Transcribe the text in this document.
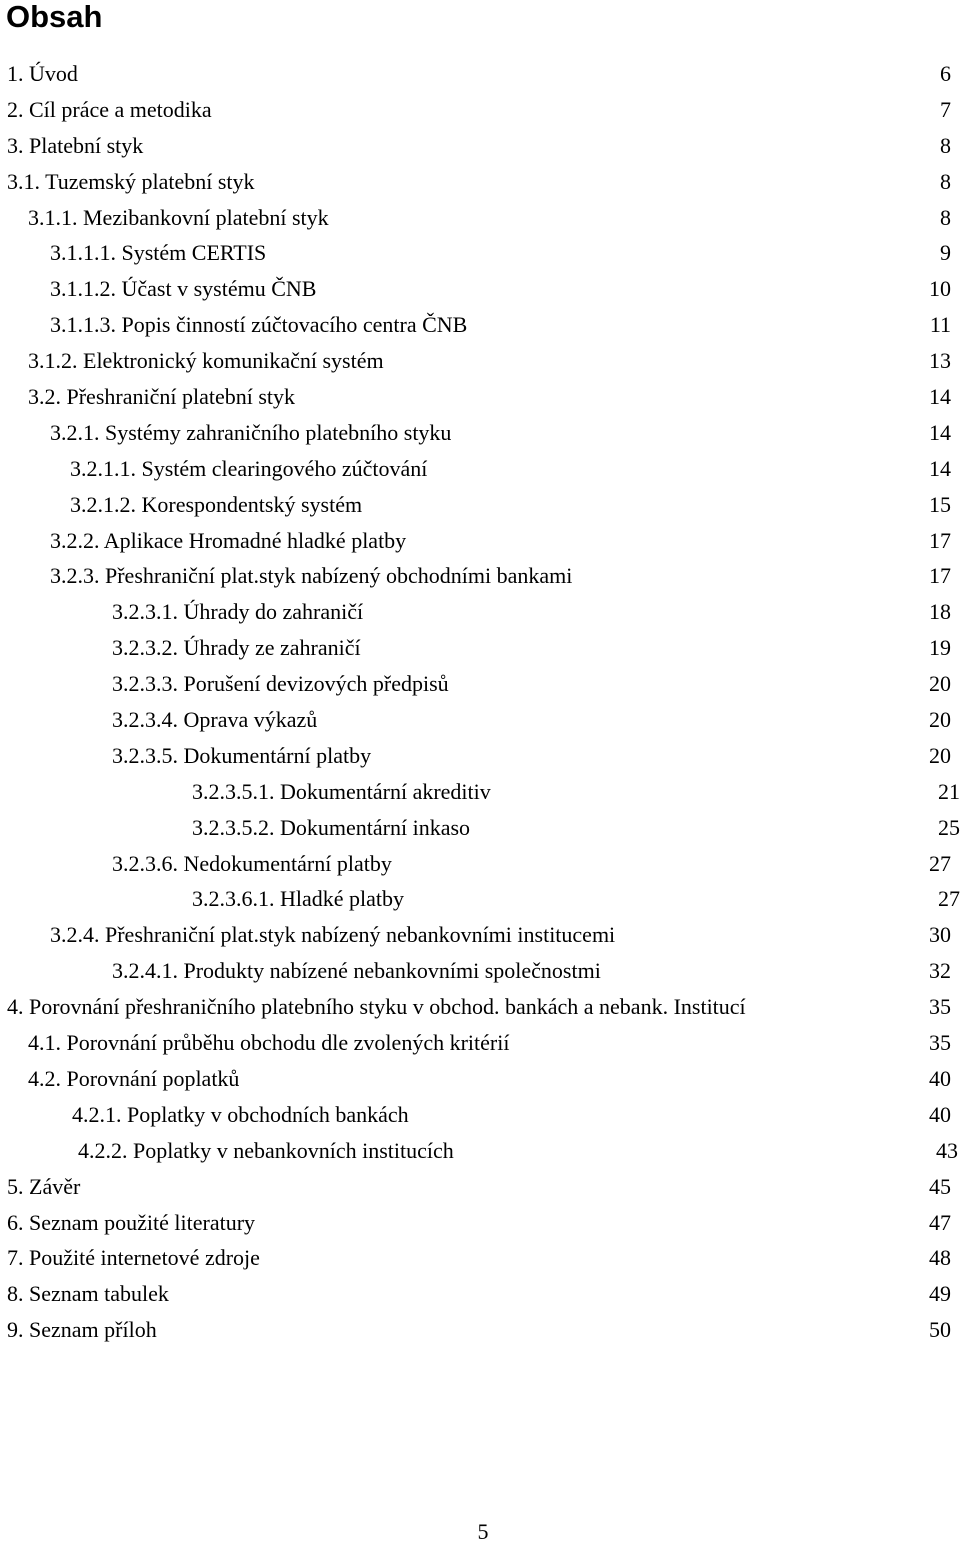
Obsah
1. Úvod	6
2. Cíl práce a metodika	7
3. Platební styk	8
3.1. Tuzemský platební styk	8
3.1.1. Mezibankovní platební styk	8
3.1.1.1. Systém CERTIS	9
3.1.1.2. Účast v systému ČNB	10
3.1.1.3. Popis činností zúčtovacího centra ČNB	11
3.1.2. Elektronický komunikační systém	13
3.2. Přeshraniční platební styk	14
3.2.1. Systémy zahraničního platebního styku	14
3.2.1.1. Systém clearingového zúčtování	14
3.2.1.2. Korespondentský systém	15
3.2.2. Aplikace Hromadné hladké platby	17
3.2.3. Přeshraniční plat.styk nabízený obchodními bankami	17
3.2.3.1. Úhrady do zahraničí	18
3.2.3.2. Úhrady ze zahraničí	19
3.2.3.3. Porušení devizových předpisů	20
3.2.3.4. Oprava výkazů	20
3.2.3.5. Dokumentární platby	20
3.2.3.5.1. Dokumentární akreditiv	21
3.2.3.5.2. Dokumentární inkaso	25
3.2.3.6. Nedokumentární platby	27
3.2.3.6.1. Hladké platby	27
3.2.4. Přeshraniční plat.styk nabízený nebankovními institucemi	30
3.2.4.1. Produkty nabízené nebankovními společnostmi	32
4. Porovnání přeshraničního platebního styku v obchod. bankách a nebank. Institucí	35
4.1. Porovnání průběhu obchodu dle zvolených kritérií	35
4.2. Porovnání poplatků	40
4.2.1. Poplatky v obchodních bankách	40
4.2.2. Poplatky v nebankovních institucích	43
5. Závěr	45
6. Seznam použité literatury	47
7. Použité internetové zdroje	48
8. Seznam tabulek	49
9. Seznam příloh	50
5
